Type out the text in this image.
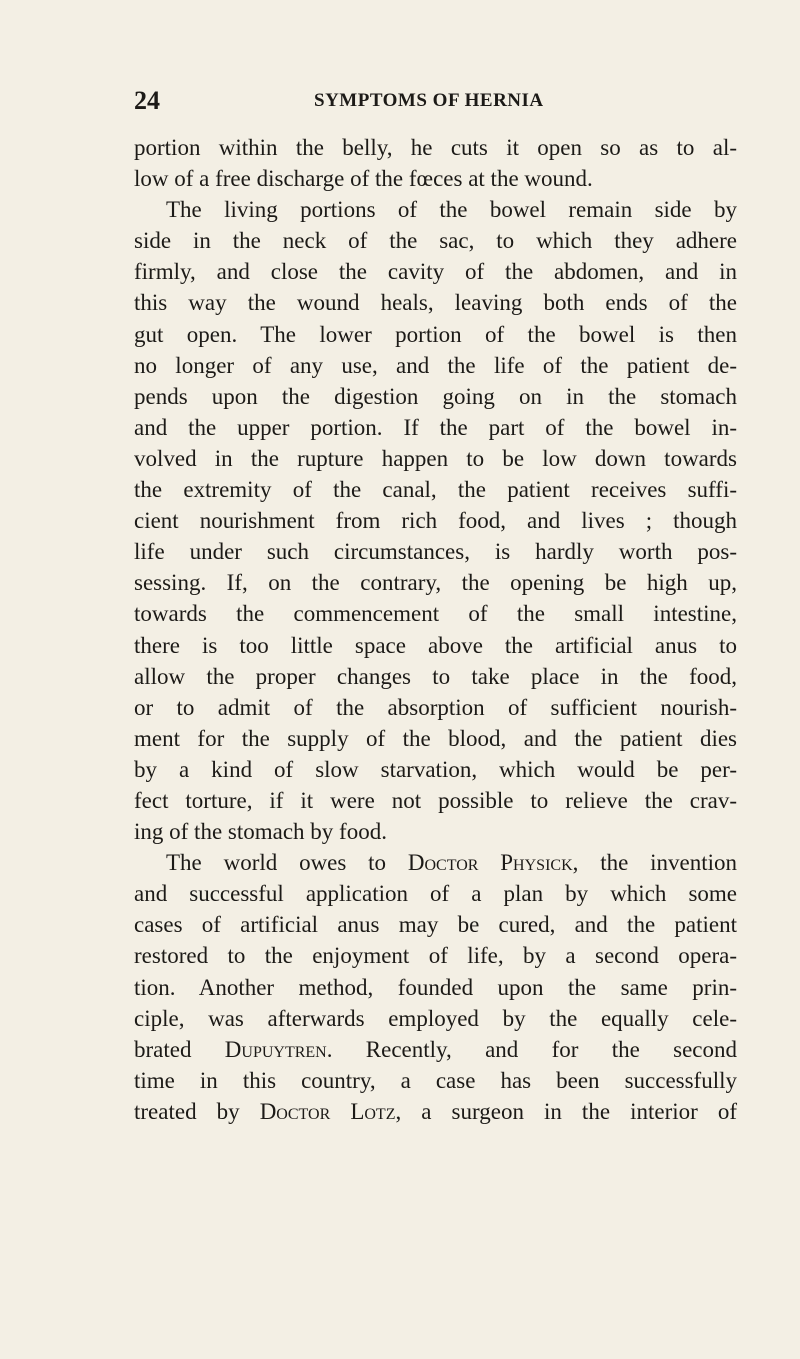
24	SYMPTOMS OF HERNIA
portion within the belly, he cuts it open so as to al-
low of a free discharge of the fœces at the wound.
The living portions of the bowel remain side by
side in the neck of the sac, to which they adhere
firmly, and close the cavity of the abdomen, and in
this way the wound heals, leaving both ends of the
gut open. The lower portion of the bowel is then
no longer of any use, and the life of the patient de-
pends upon the digestion going on in the stomach
and the upper portion. If the part of the bowel in-
volved in the rupture happen to be low down towards
the extremity of the canal, the patient receives suffi-
cient nourishment from rich food, and lives ; though
life under such circumstances, is hardly worth pos-
sessing. If, on the contrary, the opening be high up,
towards the commencement of the small intestine,
there is too little space above the artificial anus to
allow the proper changes to take place in the food,
or to admit of the absorption of sufficient nourish-
ment for the supply of the blood, and the patient dies
by a kind of slow starvation, which would be per-
fect torture, if it were not possible to relieve the crav-
ing of the stomach by food.
The world owes to Doctor Physick, the invention
and successful application of a plan by which some
cases of artificial anus may be cured, and the patient
restored to the enjoyment of life, by a second opera-
tion. Another method, founded upon the same prin-
ciple, was afterwards employed by the equally cele-
brated Dupuytren. Recently, and for the second
time in this country, a case has been successfully
treated by Doctor Lotz, a surgeon in the interior of
